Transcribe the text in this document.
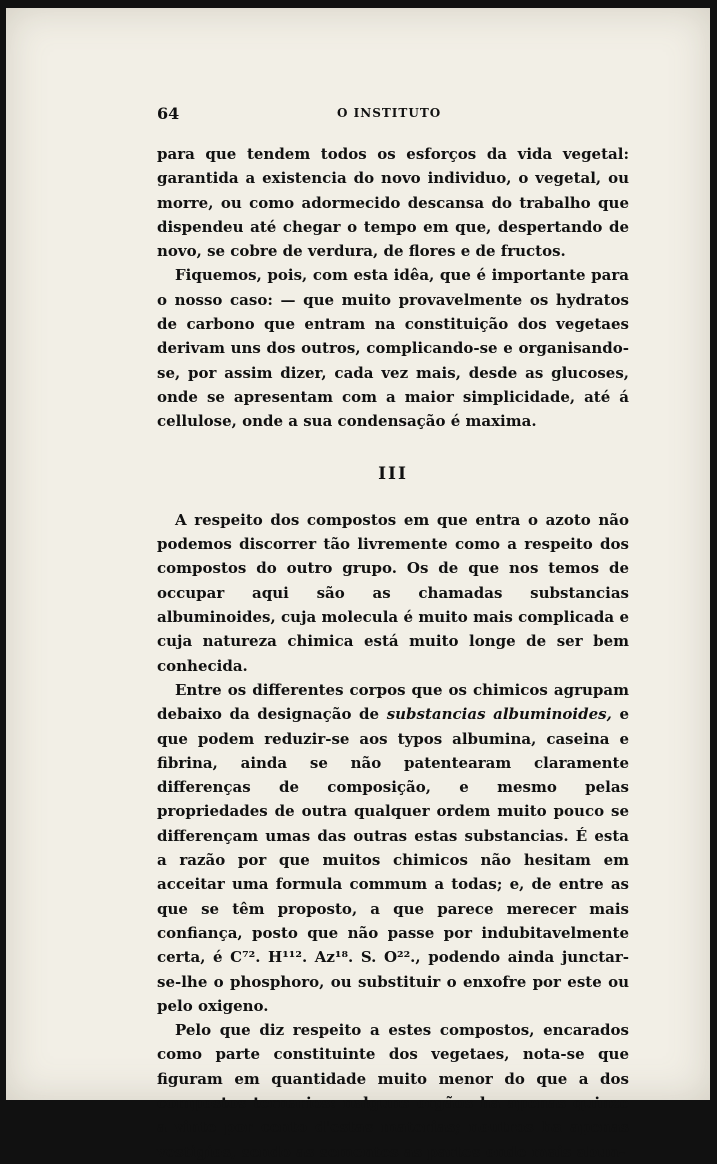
64	O INSTITUTO

para que tendem todos os esforços da vida vegetal: garantida a existencia do novo individuo, o vegetal, ou morre, ou como adormecido descansa do trabalho que dispendeu até chegar o tempo em que, despertando de novo, se cobre de verdura, de flores e de fructos.

Fiquemos, pois, com esta idêa, que é importante para o nosso caso: — que muito provavelmente os hydratos de carbono que entram na constituição dos vegetaes derivam uns dos outros, complicando-se e organisando-se, por assim dizer, cada vez mais, desde as glucoses, onde se apresentam com a maior simplicidade, até á cellulose, onde a sua condensação é maxima.

III

A respeito dos compostos em que entra o azoto não podemos discorrer tão livremente como a respeito dos compostos do outro grupo. Os de que nos temos de occupar aqui são as chamadas substancias albuminoides, cuja molecula é muito mais complicada e cuja natureza chimica está muito longe de ser bem conhecida.

Entre os differentes corpos que os chimicos agrupam debaixo da designação de substancias albuminoides, e que podem reduzir-se aos typos albumina, caseina e fibrina, ainda se não patentearam claramente differenças de composição, e mesmo pelas propriedades de outra qualquer ordem muito pouco se differençam umas das outras estas substancias. É esta a razão por que muitos chimicos não hesitam em acceitar uma formula commum a todas; e, de entre as que se têm proposto, a que parece merecer mais confiança, posto que não passe por indubitavelmente certa, é C⁷². H¹¹². Az¹⁸. S. O²²., podendo ainda junctar-se-lhe o phosphoro, ou substituir o enxofre por este ou pelo oxigeno.

Pelo que diz respeito a estes compostos, encarados como parte constituinte dos vegetaes, nota-se que figuram em quantidade muito menor do que a dos compostos ternarios: nalguns orgãos ha apenas quinze a vinte por cento d'estas materias; noutros ha apenas vestigios, sendo as sementes as partes onde mais abun-
